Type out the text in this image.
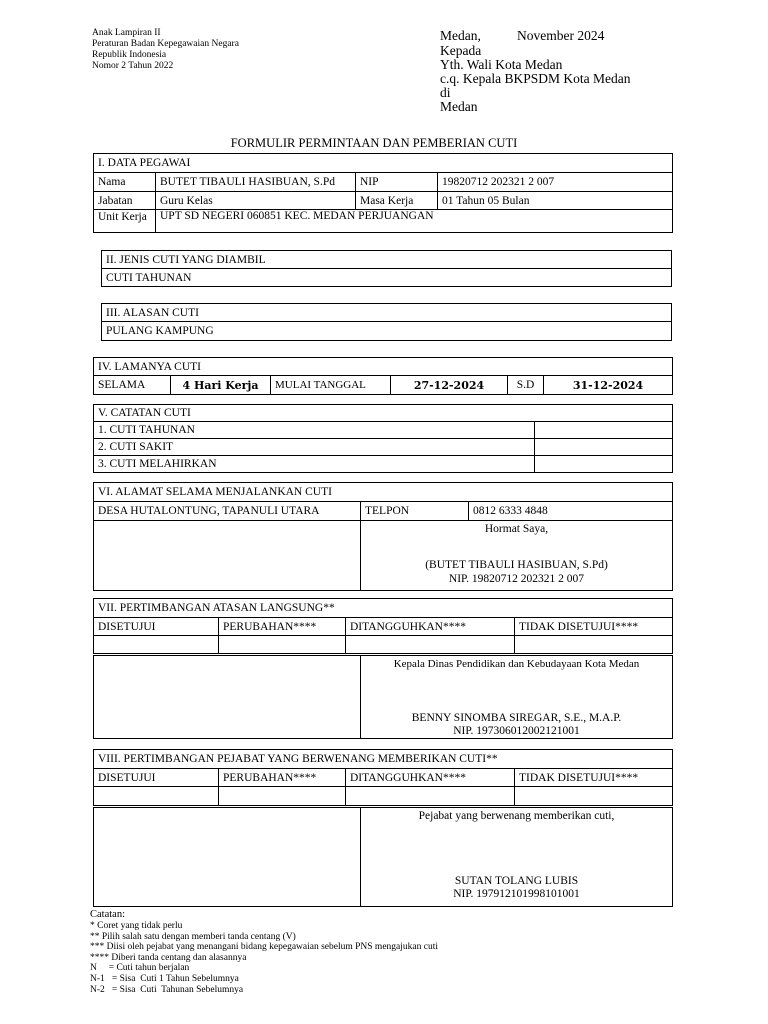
Anak Lampiran II
Peraturan Badan Kepegawaian Negara
Republik Indonesia
Nomor 2 Tahun 2022
Medan,	November 2024
Kepada
Yth. Wali Kota Medan
c.q. Kepala BKPSDM Kota Medan
di
Medan
FORMULIR PERMINTAAN DAN PEMBERIAN CUTI
I. DATA PEGAWAI			
Nama	BUTET TIBAULI HASIBUAN, S.Pd	NIP	19820712 202321 2 007
Jabatan	Guru Kelas	Masa Kerja	01 Tahun 05 Bulan
Unit Kerja	UPT SD NEGERI 060851 KEC. MEDAN PERJUANGAN		
II. JENIS CUTI YANG DIAMBIL
CUTI TAHUNAN
III. ALASAN CUTI
PULANG KAMPUNG
IV. LAMANYA CUTI
SELAMA	4 Hari Kerja	MULAI TANGGAL	27-12-2024	S.D	31-12-2024
V. CATATAN CUTI	
1. CUTI TAHUNAN	
2. CUTI SAKIT	
3. CUTI MELAHIRKAN	
VI. ALAMAT SELAMA MENJALANKAN CUTI		
DESA HUTALONTUNG, TAPANULI UTARA	TELPON	0812 6333 4848

Hormat Saya,
(BUTET TIBAULI HASIBUAN, S.Pd)
NIP. 19820712 202321 2 007
VII. PERTIMBANGAN ATASAN LANGSUNG**			
DISETUJUI	PERUBAHAN****	DITANGGUHKAN****	TIDAK DISETUJUI****

Kepala Dinas Pendidikan dan Kebudayaan Kota Medan
BENNY SINOMBA SIREGAR, S.E., M.A.P.
NIP. 197306012002121001
VIII. PERTIMBANGAN PEJABAT YANG BERWENANG MEMBERIKAN CUTI**			
DISETUJUI	PERUBAHAN****	DITANGGUHKAN****	TIDAK DISETUJUI****

Pejabat yang berwenang memberikan cuti,
SUTAN TOLANG LUBIS
NIP. 197912101998101001
Catatan:
* Coret yang tidak perlu
** Pilih salah satu dengan memberi tanda centang (V)
*** Diisi oleh pejabat yang menangani bidang kepegawaian sebelum PNS mengajukan cuti
**** Diberi tanda centang dan alasannya
N     = Cuti tahun berjalan
N-1   = Sisa  Cuti 1 Tahun Sebelumnya
N-2   = Sisa  Cuti  Tahunan Sebelumnya
